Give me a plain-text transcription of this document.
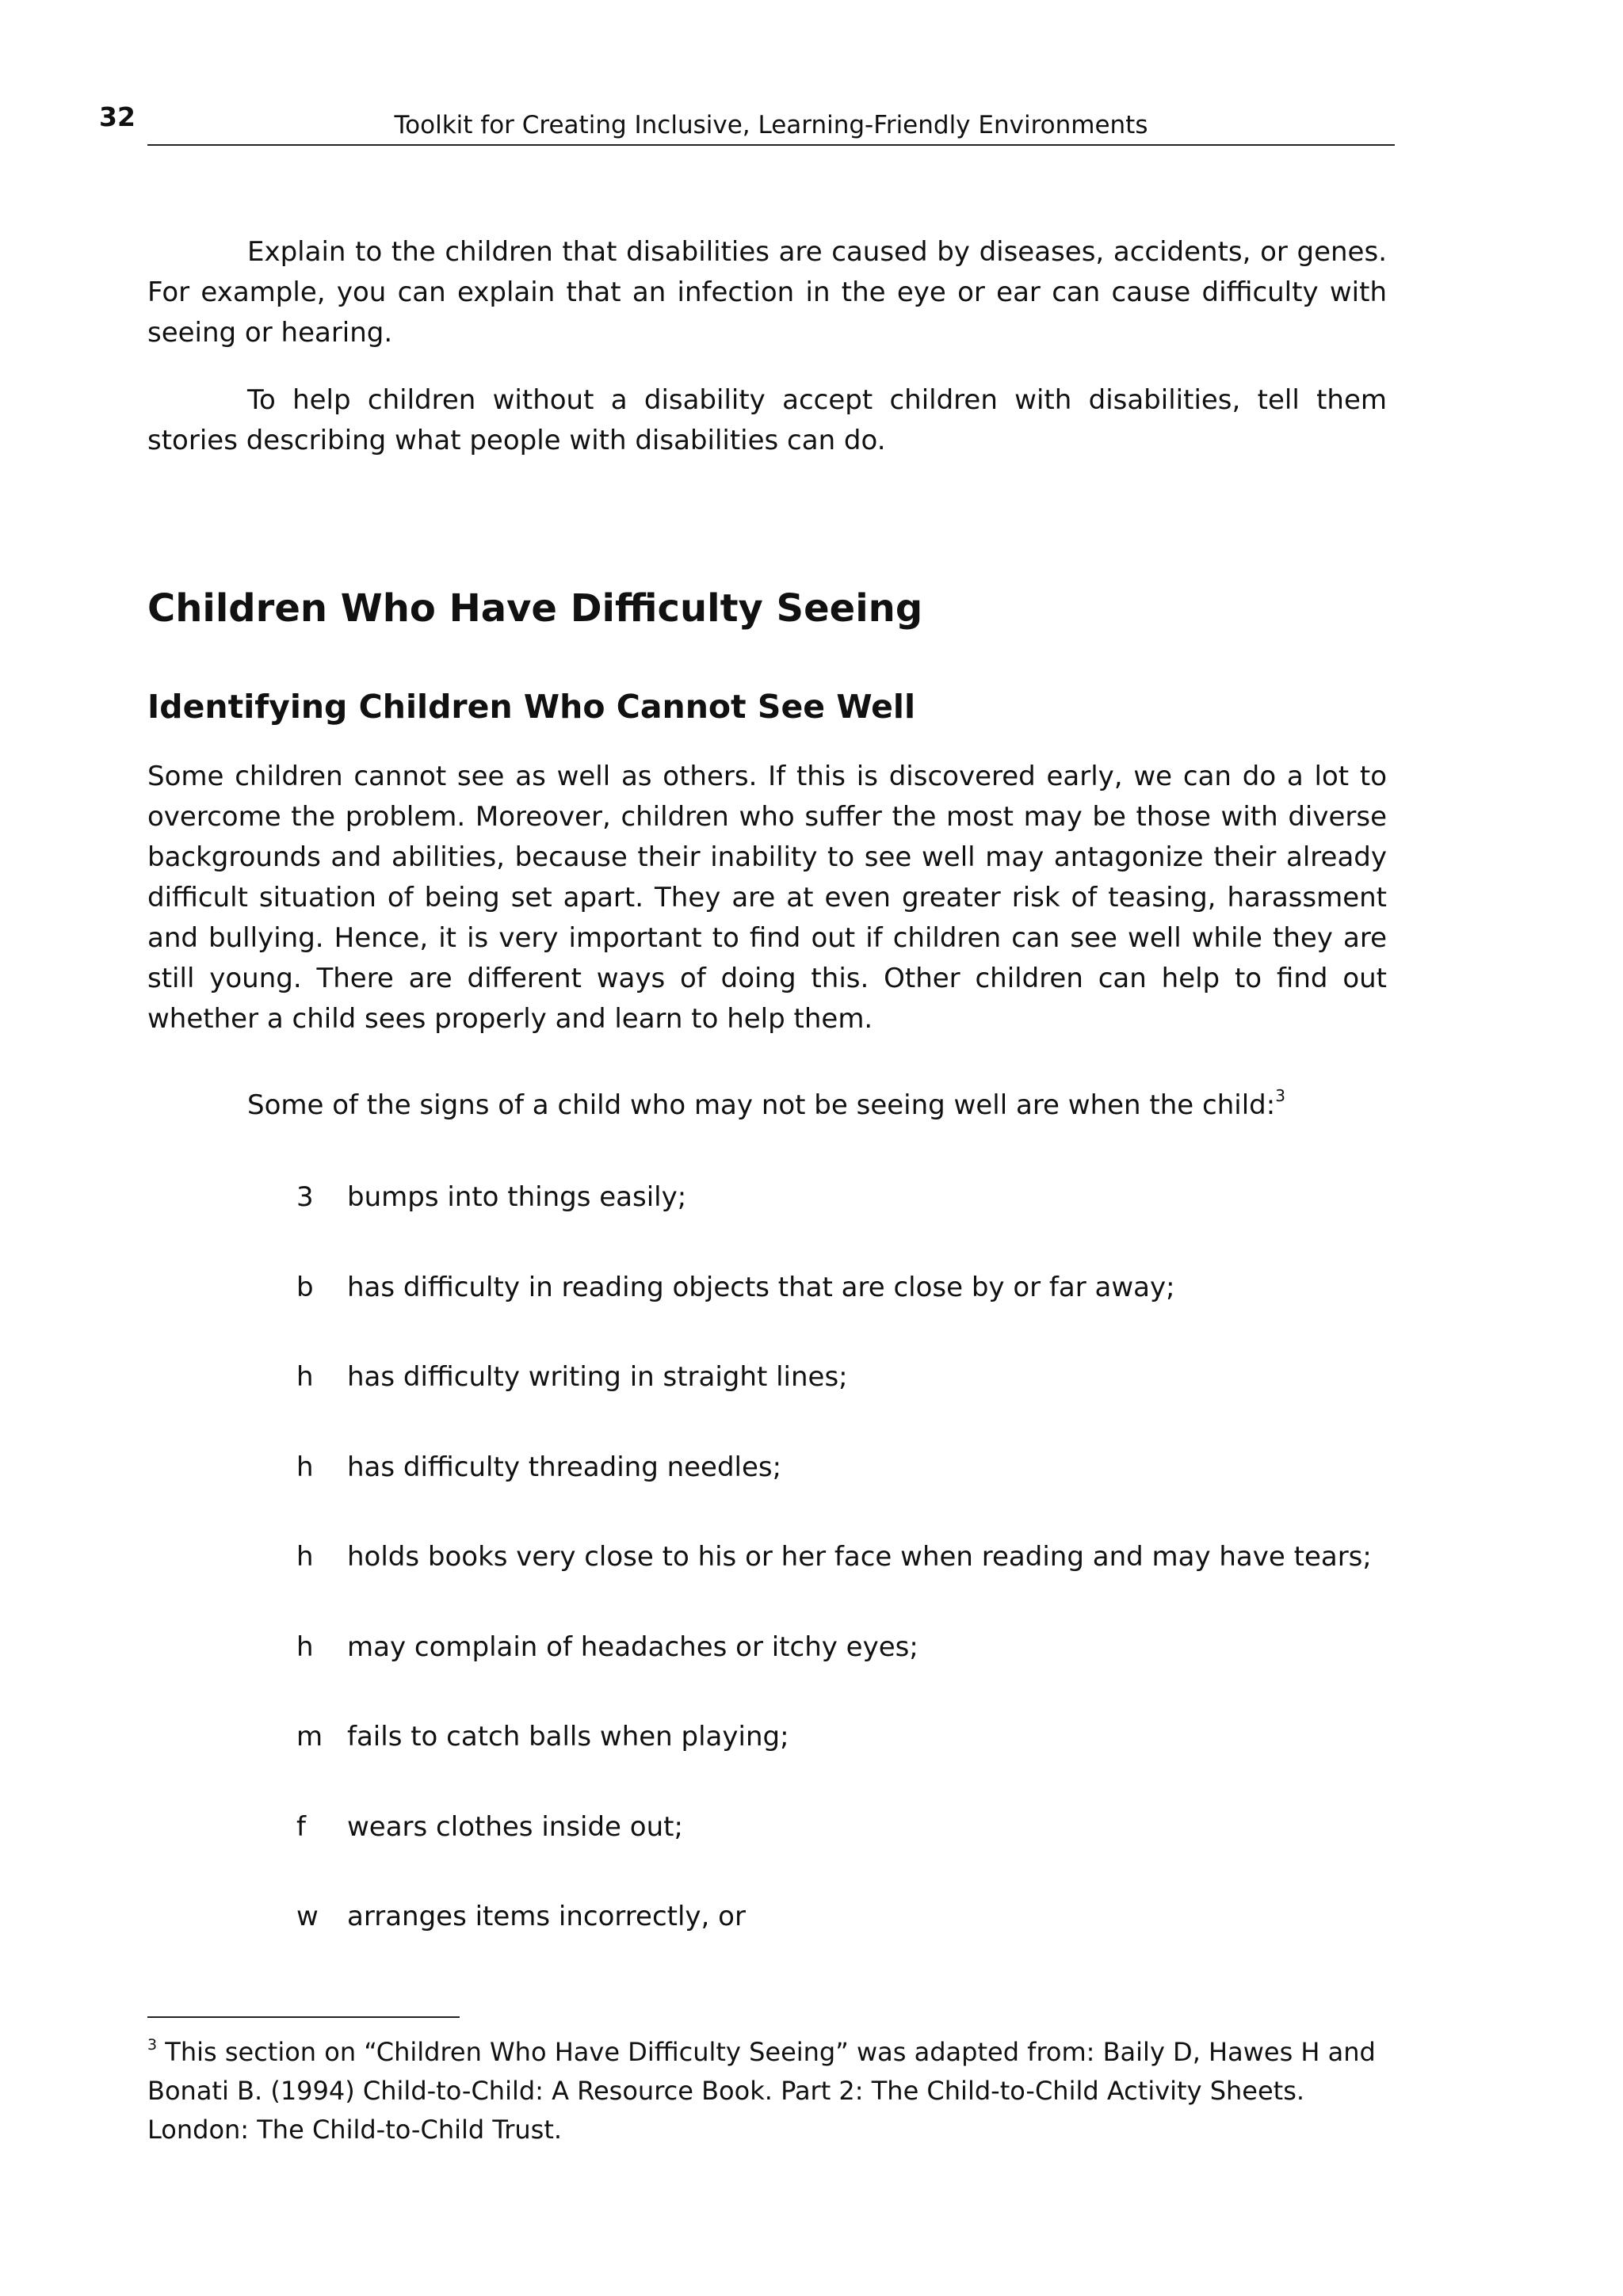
32	Toolkit for Creating Inclusive, Learning-Friendly Environments

Explain to the children that disabilities are caused by diseases, accidents, or genes. For example, you can explain that an infection in the eye or ear can cause difficulty with seeing or hearing.

To help children without a disability accept children with disabilities, tell them stories describing what people with disabilities can do.

Children Who Have Difficulty Seeing
Identifying Children Who Cannot See Well

Some children cannot see as well as others. If this is discovered early, we can do a lot to overcome the problem. Moreover, children who suffer the most may be those with diverse backgrounds and abilities, because their inability to see well may antagonize their already difficult situation of being set apart. They are at even greater risk of teasing, harassment and bullying. Hence, it is very important to find out if children can see well while they are still young. There are different ways of doing this. Other children can help to find out whether a child sees properly and learn to help them.

Some of the signs of a child who may not be seeing well are when the child:$^3$
3	bumps into things easily;
b	has difficulty in reading objects that are close by or far away;
h	has difficulty writing in straight lines;
h	has difficulty threading needles;
h	holds books very close to his or her face when reading and may have tears;
h	may complain of headaches or itchy eyes;
m fails to catch balls when playing;
f	wears clothes inside out;
w	arranges items incorrectly, or

$^3$ This section on “Children Who Have Difficulty Seeing” was adapted from: Baily D, Hawes H and Bonati B. (1994) Child-to-Child: A Resource Book. Part 2: The Child-to-Child Activity Sheets. London: The Child-to-Child Trust.
